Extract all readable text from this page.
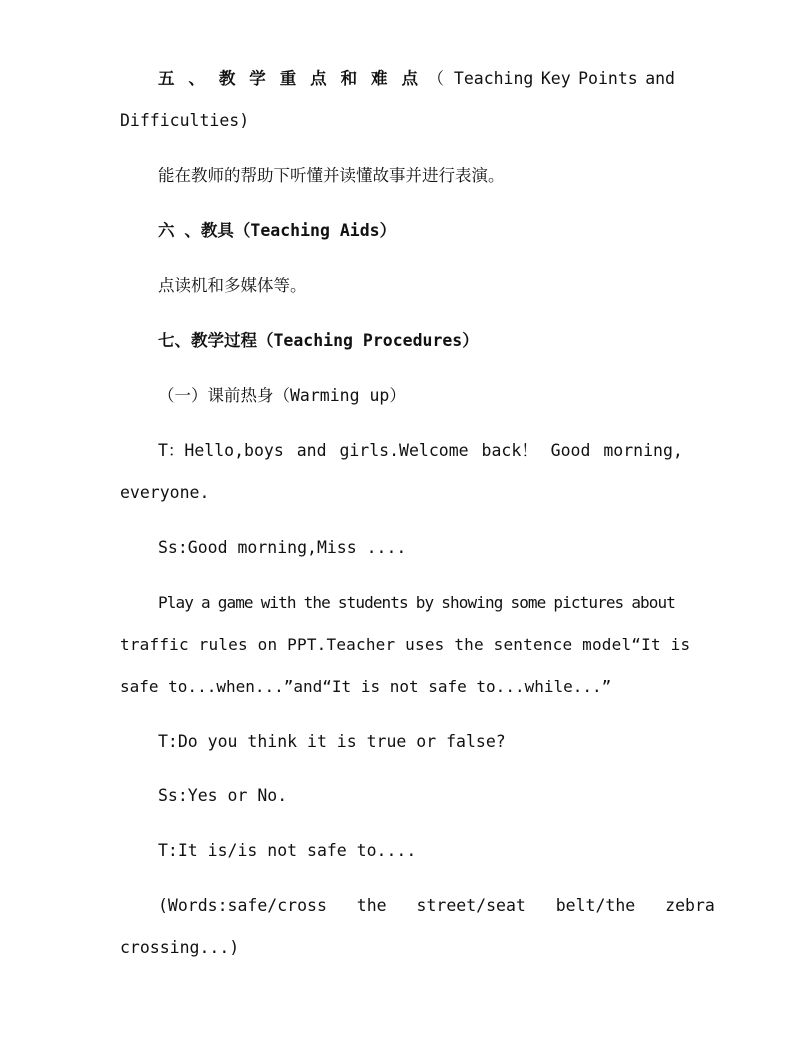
五 、 教 学 重 点 和 难 点 （ Teaching Key Points and
Difficulties)
能在教师的帮助下听懂并读懂故事并进行表演。
六 、教具（Teaching Aids）
点读机和多媒体等。
七、教学过程（Teaching Procedures）
（一）课前热身（Warming up）
T：Hello,boys and girls.Welcome back！ Good morning,
everyone.
Ss:Good morning,Miss ....
Play a game with the students by showing some pictures about
traffic rules on PPT.Teacher uses the sentence model“It is
safe to...when...”and“It is not safe to...while...”
T:Do you think it is true or false?
Ss:Yes or No.
T:It is/is not safe to....
(Words:safe/cross the street/seat belt/the zebra
crossing...)
